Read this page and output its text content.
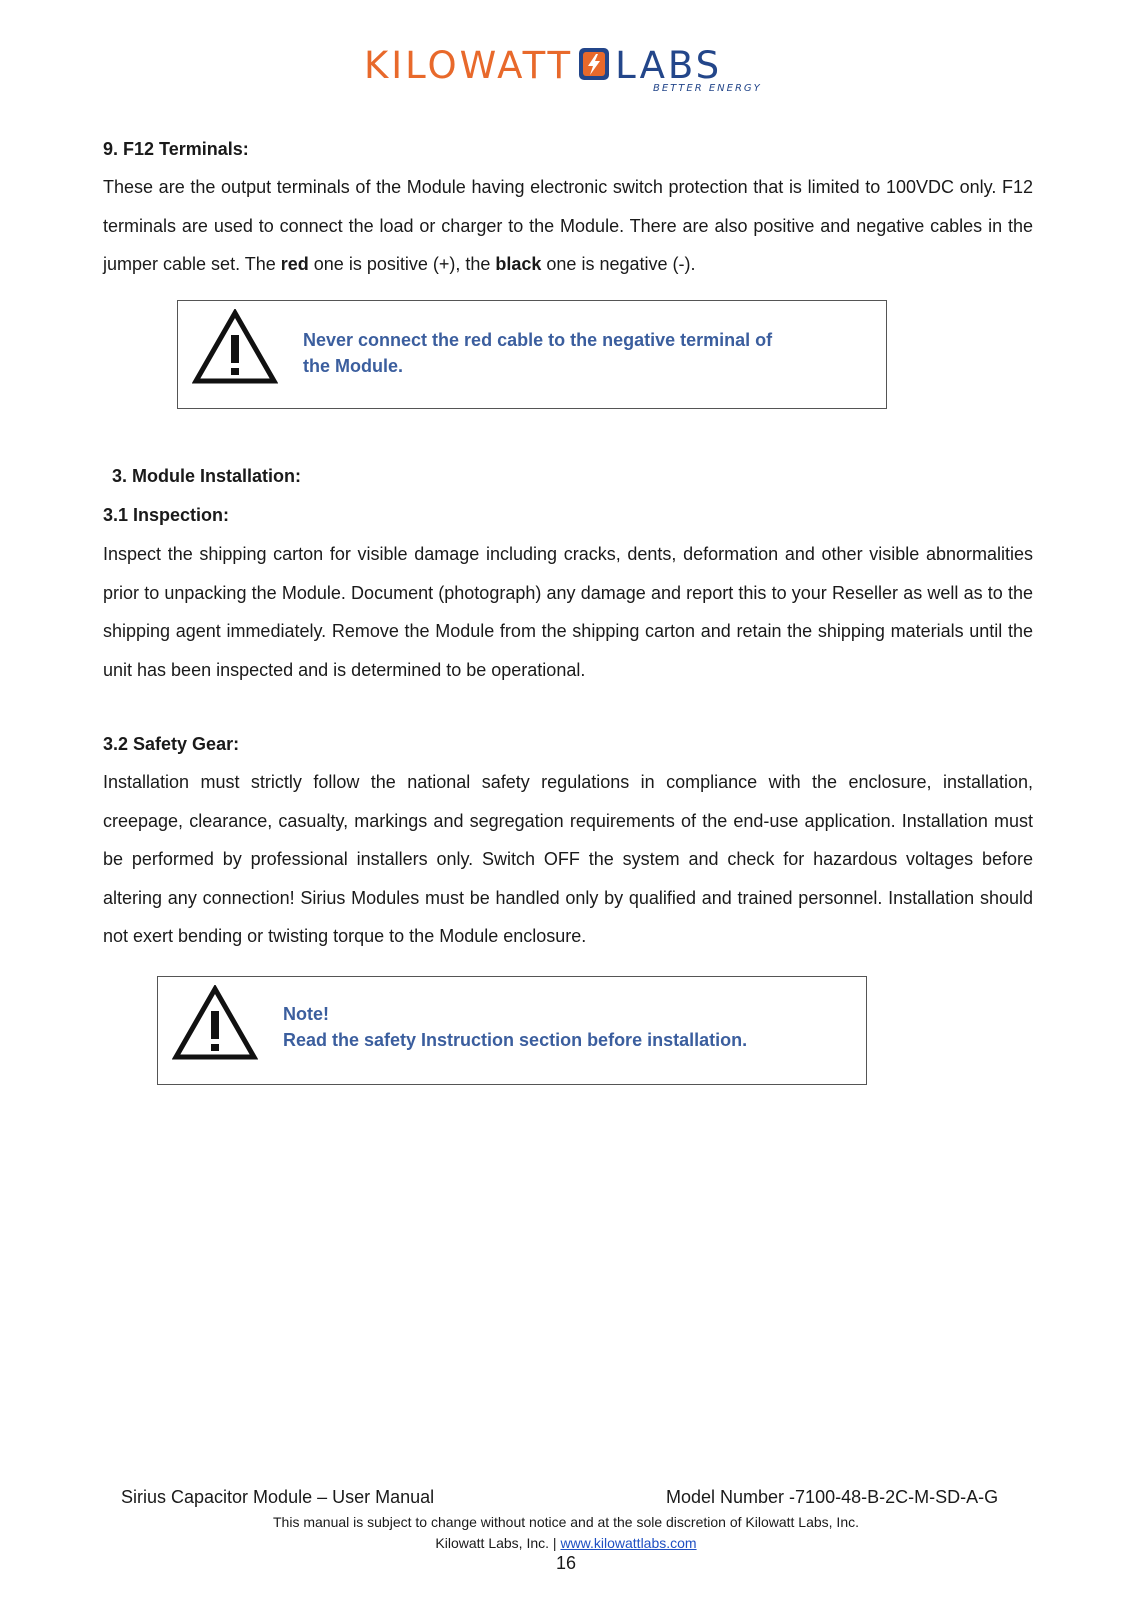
KILOWATT LABS
BETTER ENERGY
9. F12 Terminals:
These are the output terminals of the Module having electronic switch protection that is limited to 100VDC only. F12 terminals are used to connect the load or charger to the Module. There are also positive and negative cables in the jumper cable set. The red one is positive (+), the black one is negative (-).
Never connect the red cable to the negative terminal of
the Module.
3. Module Installation:
3.1 Inspection:
Inspect the shipping carton for visible damage including cracks, dents, deformation and other visible abnormalities prior to unpacking the Module. Document (photograph) any damage and report this to your Reseller as well as to the shipping agent immediately. Remove the Module from the shipping carton and retain the shipping materials until the unit has been inspected and is determined to be operational.
3.2 Safety Gear:
Installation must strictly follow the national safety regulations in compliance with the enclosure, installation, creepage, clearance, casualty, markings and segregation requirements of the end-use application. Installation must be performed by professional installers only. Switch OFF the system and check for hazardous voltages before altering any connection! Sirius Modules must be handled only by qualified and trained personnel. Installation should not exert bending or twisting torque to the Module enclosure.
Note!
Read the safety Instruction section before installation.
Sirius Capacitor Module – User Manual	Model Number -7100-48-B-2C-M-SD-A-G
This manual is subject to change without notice and at the sole discretion of Kilowatt Labs, Inc.
Kilowatt Labs, Inc. | www.kilowattlabs.com
16
